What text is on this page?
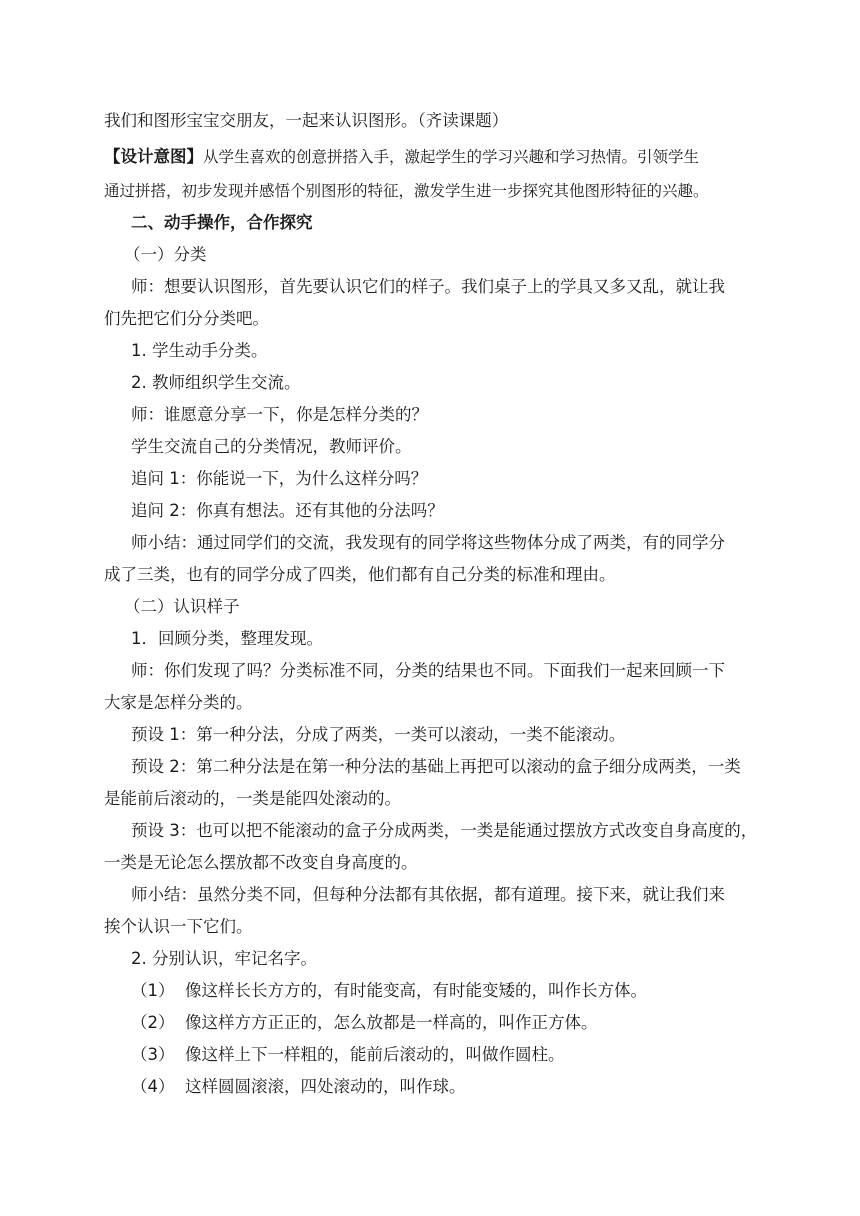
我们和图形宝宝交朋友，一起来认识图形。（齐读课题）
【设计意图】从学生喜欢的创意拼搭入手，激起学生的学习兴趣和学习热情。引领学生
通过拼搭，初步发现并感悟个别图形的特征，激发学生进一步探究其他图形特征的兴趣。
二、动手操作，合作探究
（一）分类
师：想要认识图形，首先要认识它们的样子。我们桌子上的学具又多又乱，就让我
们先把它们分分类吧。
1. 学生动手分类。
2. 教师组织学生交流。
师：谁愿意分享一下，你是怎样分类的？
学生交流自己的分类情况，教师评价。
追问 1：你能说一下，为什么这样分吗？
追问 2：你真有想法。还有其他的分法吗？
师小结：通过同学们的交流，我发现有的同学将这些物体分成了两类，有的同学分
成了三类，也有的同学分成了四类，他们都有自己分类的标准和理由。
（二）认识样子
1．回顾分类，整理发现。
师：你们发现了吗？分类标准不同，分类的结果也不同。下面我们一起来回顾一下
大家是怎样分类的。
预设 1：第一种分法，分成了两类，一类可以滚动，一类不能滚动。
预设 2：第二种分法是在第一种分法的基础上再把可以滚动的盒子细分成两类，一类
是能前后滚动的，一类是能四处滚动的。
预设 3：也可以把不能滚动的盒子分成两类，一类是能通过摆放方式改变自身高度的，
一类是无论怎么摆放都不改变自身高度的。
师小结：虽然分类不同，但每种分法都有其依据，都有道理。接下来，就让我们来
挨个认识一下它们。
2. 分别认识，牢记名字。
（1） 像这样长长方方的，有时能变高，有时能变矮的，叫作长方体。
（2） 像这样方方正正的，怎么放都是一样高的，叫作正方体。
（3） 像这样上下一样粗的，能前后滚动的，叫做作圆柱。
（4） 这样圆圆滚滚，四处滚动的，叫作球。
